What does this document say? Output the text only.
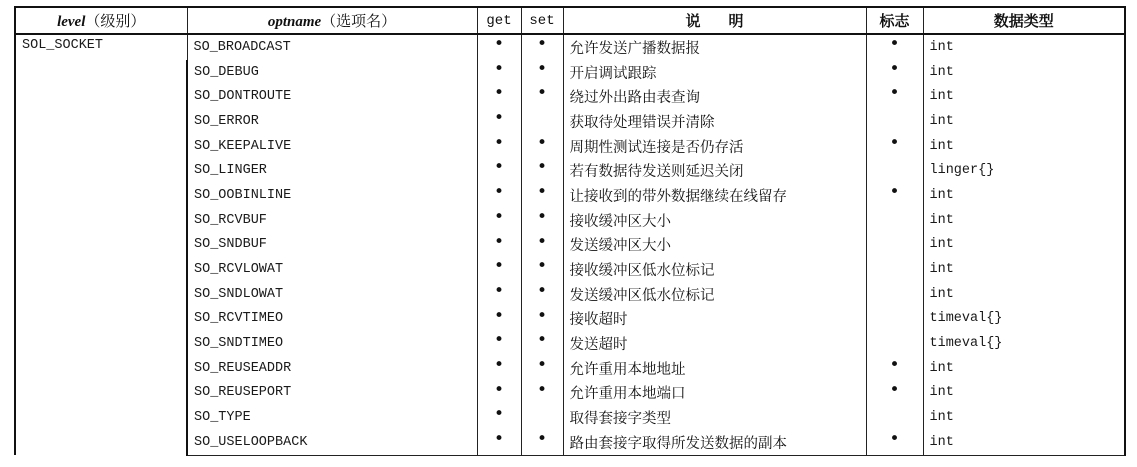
level（级别）	optname（选项名）	get	set	说明	标志	数据类型
SOL_SOCKET	SO_BROADCAST	•	•	允许发送广播数据报	•	int
	SO_DEBUG	•	•	开启调试跟踪	•	int
	SO_DONTROUTE	•	•	绕过外出路由表查询	•	int
	SO_ERROR	•		获取待处理错误并清除		int
	SO_KEEPALIVE	•	•	周期性测试连接是否仍存活	•	int
	SO_LINGER	•	•	若有数据待发送则延迟关闭		linger{}
	SO_OOBINLINE	•	•	让接收到的带外数据继续在线留存	•	int
	SO_RCVBUF	•	•	接收缓冲区大小		int
	SO_SNDBUF	•	•	发送缓冲区大小		int
	SO_RCVLOWAT	•	•	接收缓冲区低水位标记		int
	SO_SNDLOWAT	•	•	发送缓冲区低水位标记		int
	SO_RCVTIMEO	•	•	接收超时		timeval{}
	SO_SNDTIMEO	•	•	发送超时		timeval{}
	SO_REUSEADDR	•	•	允许重用本地地址	•	int
	SO_REUSEPORT	•	•	允许重用本地端口	•	int
	SO_TYPE	•		取得套接字类型		int
	SO_USELOOPBACK	•	•	路由套接字取得所发送数据的副本	•	int
